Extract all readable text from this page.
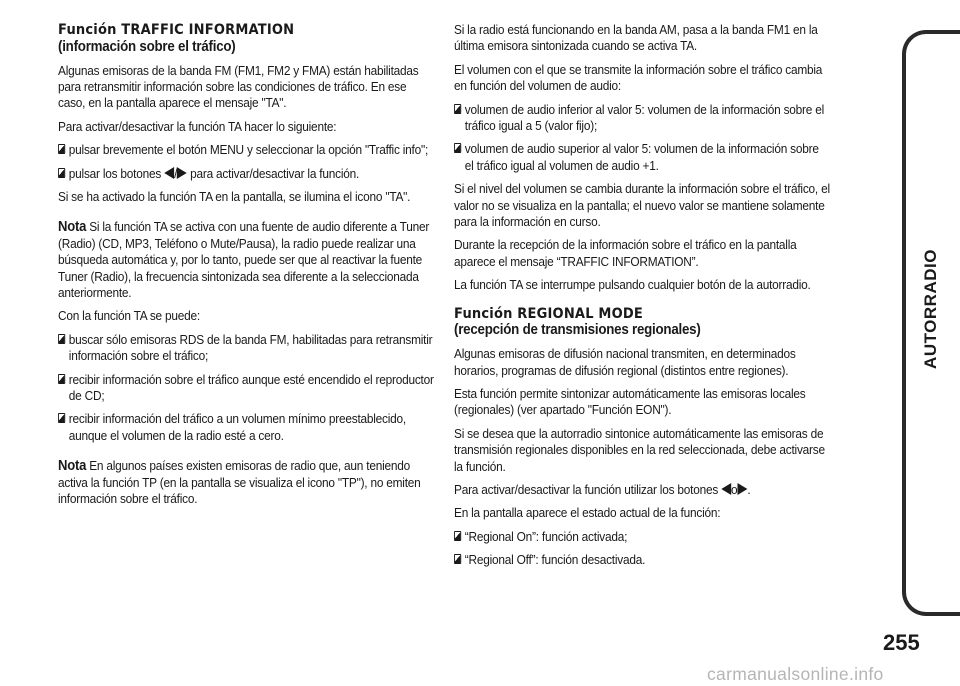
Función TRAFFIC INFORMATION
(información sobre el tráfico)

Algunas emisoras de la banda FM (FM1, FM2 y FMA) están habilitadas para retransmitir información sobre las condiciones de tráfico. En ese caso, en la pantalla aparece el mensaje "TA".

Para activar/desactivar la función TA hacer lo siguiente:

pulsar brevemente el botón MENU y seleccionar la opción "Traffic info";
pulsar los botones / para activar/desactivar la función.

Si se ha activado la función TA en la pantalla, se ilumina el icono "TA".

Nota Si la función TA se activa con una fuente de audio diferente a Tuner (Radio) (CD, MP3, Teléfono o Mute/Pausa), la radio puede realizar una búsqueda automática y, por lo tanto, puede ser que al reactivar la fuente Tuner (Radio), la frecuencia sintonizada sea diferente a la seleccionada anteriormente.

Con la función TA se puede:

buscar sólo emisoras RDS de la banda FM, habilitadas para retransmitir información sobre el tráfico;
recibir información sobre el tráfico aunque esté encendido el reproductor de CD;
recibir información del tráfico a un volumen mínimo preestablecido, aunque el volumen de la radio esté a cero.

Nota En algunos países existen emisoras de radio que, aun teniendo activa la función TP (en la pantalla se visualiza el icono "TP"), no emiten información sobre el tráfico.

Si la radio está funcionando en la banda AM, pasa a la banda FM1 en la última emisora sintonizada cuando se activa TA.

El volumen con el que se transmite la información sobre el tráfico cambia en función del volumen de audio:

volumen de audio inferior al valor 5: volumen de la información sobre el tráfico igual a 5 (valor fijo);
volumen de audio superior al valor 5: volumen de la información sobre el tráfico igual al volumen de audio +1.

Si el nivel del volumen se cambia durante la información sobre el tráfico, el valor no se visualiza en la pantalla; el nuevo valor se mantiene solamente para la información en curso.

Durante la recepción de la información sobre el tráfico en la pantalla aparece el mensaje “TRAFFIC INFORMATION”.

La función TA se interrumpe pulsando cualquier botón de la autorradio.

Función REGIONAL MODE
(recepción de transmisiones regionales)

Algunas emisoras de difusión nacional transmiten, en determinados horarios, programas de difusión regional (distintos entre regiones).

Esta función permite sintonizar automáticamente las emisoras locales (regionales) (ver apartado "Función EON").

Si se desea que la autorradio sintonice automáticamente las emisoras de transmisión regionales disponibles en la red seleccionada, debe activarse la función.

Para activar/desactivar la función utilizar los botones o .

En la pantalla aparece el estado actual de la función:

“Regional On”: función activada;
“Regional Off”: función desactivada.
AUTORRADIO
255
carmanualsonline.info
